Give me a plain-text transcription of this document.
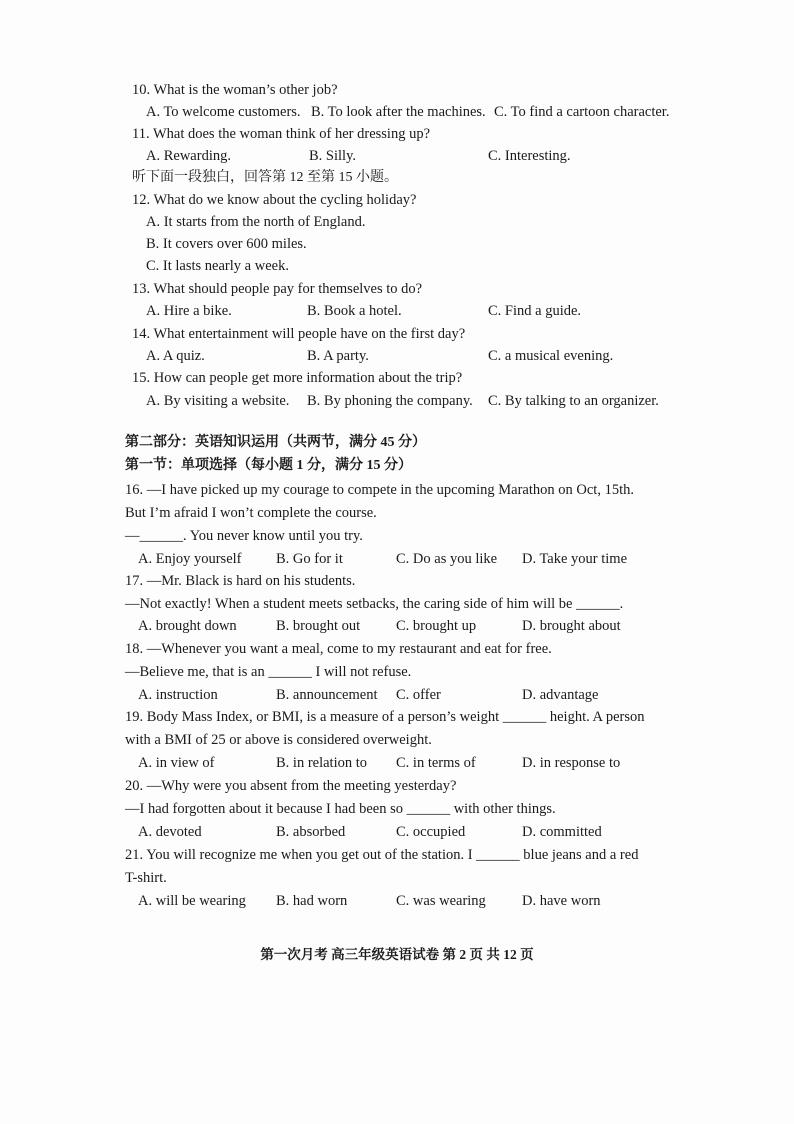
10. What is the woman’s other job?
A. To welcome customers. B. To look after the machines. C. To find a cartoon character.
11. What does the woman think of her dressing up?
A. Rewarding.	B. Silly.	C. Interesting.
听下面一段独白，回答第 12 至第 15 小题。
12. What do we know about the cycling holiday?
A. It starts from the north of England.
B. It covers over 600 miles.
C. It lasts nearly a week.
13. What should people pay for themselves to do?
A. Hire a bike.	B. Book a hotel.	C. Find a guide.
14. What entertainment will people have on the first day?
A. A quiz.	B. A party.	C. a musical evening.
15. How can people get more information about the trip?
A. By visiting a website. B. By phoning the company. C. By talking to an organizer.
第二部分：英语知识运用（共两节，满分 45 分）
第一节：单项选择（每小题 1 分，满分 15 分）
16. —I have picked up my courage to compete in the upcoming Marathon on Oct, 15th.
But I’m afraid I won’t complete the course.
—______. You never know until you try.
A. Enjoy yourself B. Go for it	C. Do as you like D. Take your time
17. —Mr. Black is hard on his students.
—Not exactly! When a student meets setbacks, the caring side of him will be ______.
A. brought down	B. brought out C. brought up	D. brought about
18. —Whenever you want a meal, come to my restaurant and eat for free.
—Believe me, that is an ______ I will not refuse.
A. instruction	B. announcement C. offer	D. advantage
19. Body Mass Index, or BMI, is a measure of a person’s weight ______ height. A person
with a BMI of 25 or above is considered overweight.
A. in view of	B. in relation to C. in terms of	D. in response to
20. —Why were you absent from the meeting yesterday?
—I had forgotten about it because I had been so ______ with other things.
A. devoted	B. absorbed	C. occupied	D. committed
21. You will recognize me when you get out of the station. I ______ blue jeans and a red
T-shirt.
A. will be wearing B. had worn	C. was wearing D. have worn
第一次月考 高三年级英语试卷 第 2 页 共 12 页
